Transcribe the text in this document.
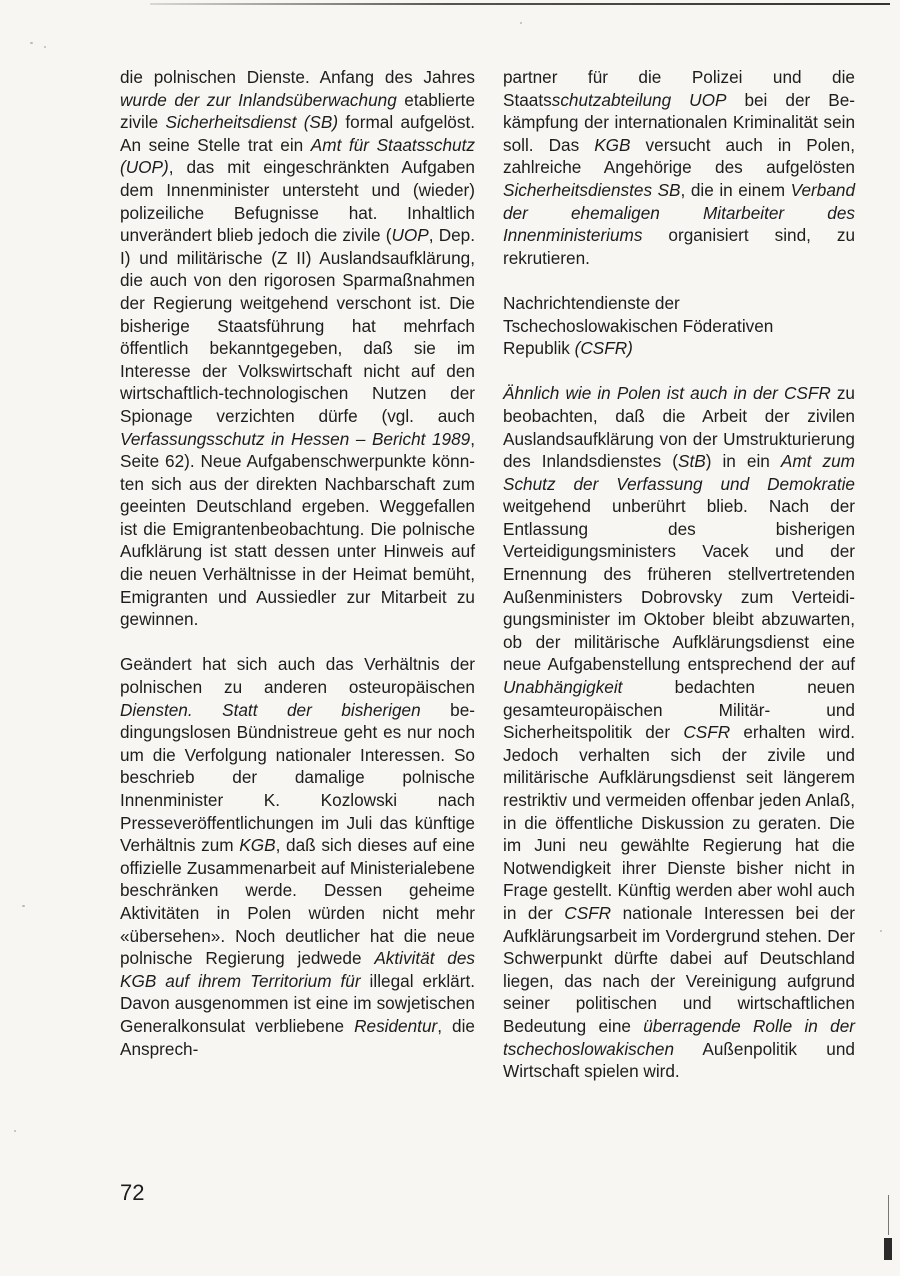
die polnischen Dienste. Anfang des Jahres wurde der zur Inlandsüberwachung etablierte zivile Sicherheitsdienst (SB) formal aufgelöst. An seine Stelle trat ein Amt für Staatsschutz (UOP), das mit eingeschränkten Aufgaben dem Innenminister untersteht und (wieder) polizeiliche Befugnisse hat. Inhaltlich unverändert blieb jedoch die zivile (UOP, Dep. I) und militärische (Z II) Auslandsaufklärung, die auch von den rigorosen Sparmaßnahmen der Regierung weitgehend verschont ist. Die bisherige Staatsführung hat mehrfach öffentlich bekanntgegeben, daß sie im Interesse der Volkswirtschaft nicht auf den wirtschaftlich-technologischen Nutzen der Spionage verzichten dürfe (vgl. auch Verfassungsschutz in Hessen – Bericht 1989, Seite 62). Neue Aufgabenschwerpunkte könnten sich aus der direkten Nachbarschaft zum geeinten Deutschland ergeben. Weggefallen ist die Emigrantenbeobachtung. Die polnische Aufklärung ist statt dessen unter Hinweis auf die neuen Verhältnisse in der Heimat bemüht, Emigranten und Aussiedler zur Mitarbeit zu gewinnen.

Geändert hat sich auch das Verhältnis der polnischen zu anderen osteuropäischen Diensten. Statt der bisherigen bedingungslosen Bündnistreue geht es nur noch um die Verfolgung nationaler Interessen. So beschrieb der damalige polnische Innenminister K. Kozlowski nach Presseveröffentlichungen im Juli das künftige Verhältnis zum KGB, daß sich dieses auf eine offizielle Zusammenarbeit auf Ministerialebene beschränken werde. Dessen geheime Aktivitäten in Polen würden nicht mehr «übersehen». Noch deutlicher hat die neue polnische Regierung jedwede Aktivität des KGB auf ihrem Territorium für illegal erklärt. Davon ausgenommen ist eine im sowjetischen Generalkonsulat verbliebene Residentur, die Ansprech-

partner für die Polizei und die Staatsschutzabteilung UOP bei der Bekämpfung der internationalen Kriminalität sein soll. Das KGB versucht auch in Polen, zahlreiche Angehörige des aufgelösten Sicherheitsdienstes SB, die in einem Verband der ehemaligen Mitarbeiter des Innenministeriums organisiert sind, zu rekrutieren.

Nachrichtendienste der
Tschechoslowakischen Föderativen
Republik (CSFR)

Ähnlich wie in Polen ist auch in der CSFR zu beobachten, daß die Arbeit der zivilen Auslandsaufklärung von der Umstrukturierung des Inlandsdienstes (StB) in ein Amt zum Schutz der Verfassung und Demokratie weitgehend unberührt blieb. Nach der Entlassung des bisherigen Verteidigungsministers Vacek und der Ernennung des früheren stellvertretenden Außenministers Dobrovsky zum Verteidigungsminister im Oktober bleibt abzuwarten, ob der militärische Aufklärungsdienst eine neue Aufgabenstellung entsprechend der auf Unabhängigkeit bedachten neuen gesamteuropäischen Militär- und Sicherheitspolitik der CSFR erhalten wird. Jedoch verhalten sich der zivile und militärische Aufklärungsdienst seit längerem restriktiv und vermeiden offenbar jeden Anlaß, in die öffentliche Diskussion zu geraten. Die im Juni neu gewählte Regierung hat die Notwendigkeit ihrer Dienste bisher nicht in Frage gestellt. Künftig werden aber wohl auch in der CSFR nationale Interessen bei der Aufklärungsarbeit im Vordergrund stehen. Der Schwerpunkt dürfte dabei auf Deutschland liegen, das nach der Vereinigung aufgrund seiner politischen und wirtschaftlichen Bedeutung eine überragende Rolle in der tschechoslowakischen Außenpolitik und Wirtschaft spielen wird.

72
